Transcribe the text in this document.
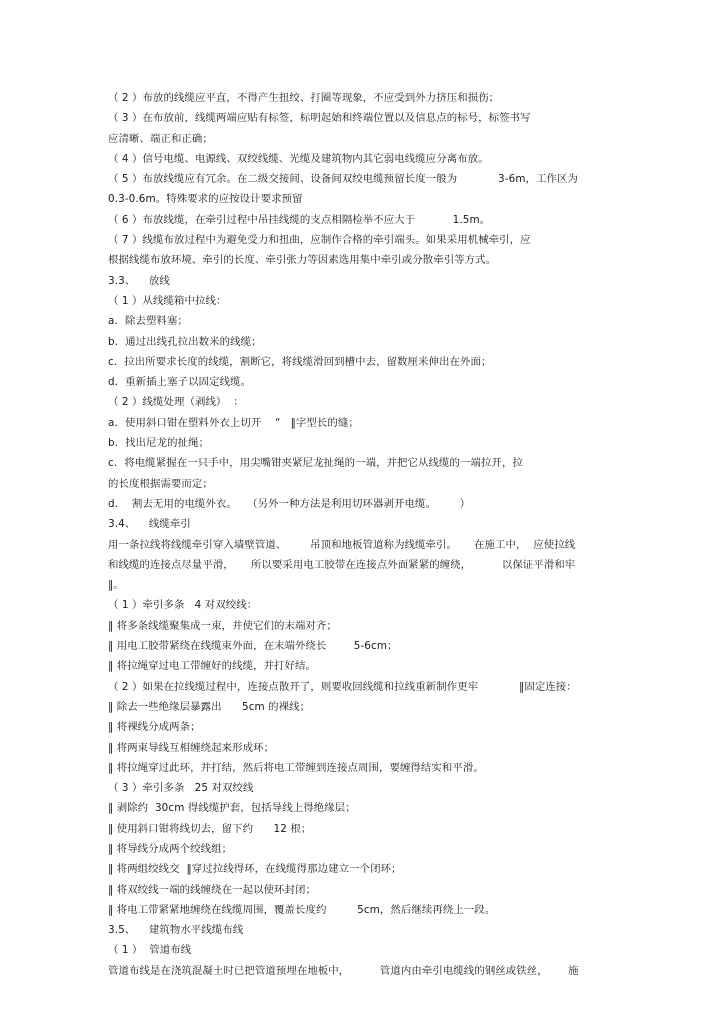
（ 2 ）布放的线缆应平直，不得产生扭绞、打圈等现象，不应受到外力挤压和损伤；
（ 3 ）在布放前，线缆两端应贴有标签，标明起始和终端位置以及信息点的标号，标签书写
应清晰、端正和正确；
（ 4 ）信号电缆、电源线、双绞线缆、光缆及建筑物内其它弱电线缆应分离布放。
（ 5 ）布放线缆应有冗余。在二级交接间、设备间双绞电缆预留长度一般为            3-6m，工作区为
0.3-0.6m。特殊要求的应按设计要求预留
（ 6 ）布放线缆，在牵引过程中吊挂线缆的支点相隔检举不应大于           1.5m。
（ 7 ）线缆布放过程中为避免受力和扭曲，应制作合格的牵引端头。如果采用机械牵引，应
根据线缆布放环境、牵引的长度、牵引张力等因素选用集中牵引或分散牵引等方式。
3.3、    放线
（ 1 ）从线缆箱中拉线：
a．除去塑料塞；
b．通过出线孔拉出数米的线缆；
c．拉出所要求长度的线缆，割断它，将线缆滑回到槽中去，留数厘米伸出在外面；
d．重新插上塞子以固定线缆。
（ 2 ）线缆处理（剥线）  ：
a．使用斜口钳在塑料外衣上切开    “   ‖字型长的缝；
b．找出尼龙的扯绳；
c．将电缆紧握在一只手中，用尖嘴钳夹紧尼龙扯绳的一端，并把它从线缆的一端拉开，拉
的长度根据需要而定；
d．  割去无用的电缆外衣。   （另外一种方法是利用切环器剥开电缆。       ）
3.4、    线缆牵引
用一条拉线将线缆牵引穿入墙壁管道、       吊顶和地板管道称为线缆牵引。     在施工中，  应使拉线
和线缆的连接点尽量平滑，     所以要采用电工胶带在连接点外面紧紧的缠绕，         以保证平滑和牢
‖。
（ 1 ）牵引多条   4 对双绞线：
‖ 将多条线缆聚集成一束，并使它们的末端对齐；
‖ 用电工胶带紧绕在线缆束外面，在末端外绕长        5-6cm；
‖ 将拉绳穿过电工带缠好的线缆，并打好结。
（ 2 ）如果在拉线缆过程中，连接点散开了，则要收回线缆和拉线重新制作更牢            ‖固定连接：
‖ 除去一些绝缘层暴露出      5cm 的裸线；
‖ 将裸线分成两条；
‖ 将两束导线互相缠绕起来形成环；
‖ 将拉绳穿过此环，并打结，然后将电工带缠到连接点周围，要缠得结实和平滑。
（ 3 ）牵引多条   25 对双绞线
‖ 剥除约  30cm 得线缆护套，包括导线上得绝缘层；
‖ 使用斜口钳将线切去，留下约      12 根；
‖ 将导线分成两个绞线组；
‖ 将两组绞线交  ‖穿过拉线得环，在线缆得那边建立一个闭环；
‖ 将双绞线一端的线缠绕在一起以使环封闭；
‖ 将电工带紧紧地缠绕在线缆周围，覆盖长度约         5cm，然后继续再绕上一段。
3.5、    建筑物水平线缆布线
（ 1 ）  管道布线
管道布线是在浇筑混凝土时已把管道预埋在地板中，         管道内由牵引电缆线的钢丝或铁丝，      施
